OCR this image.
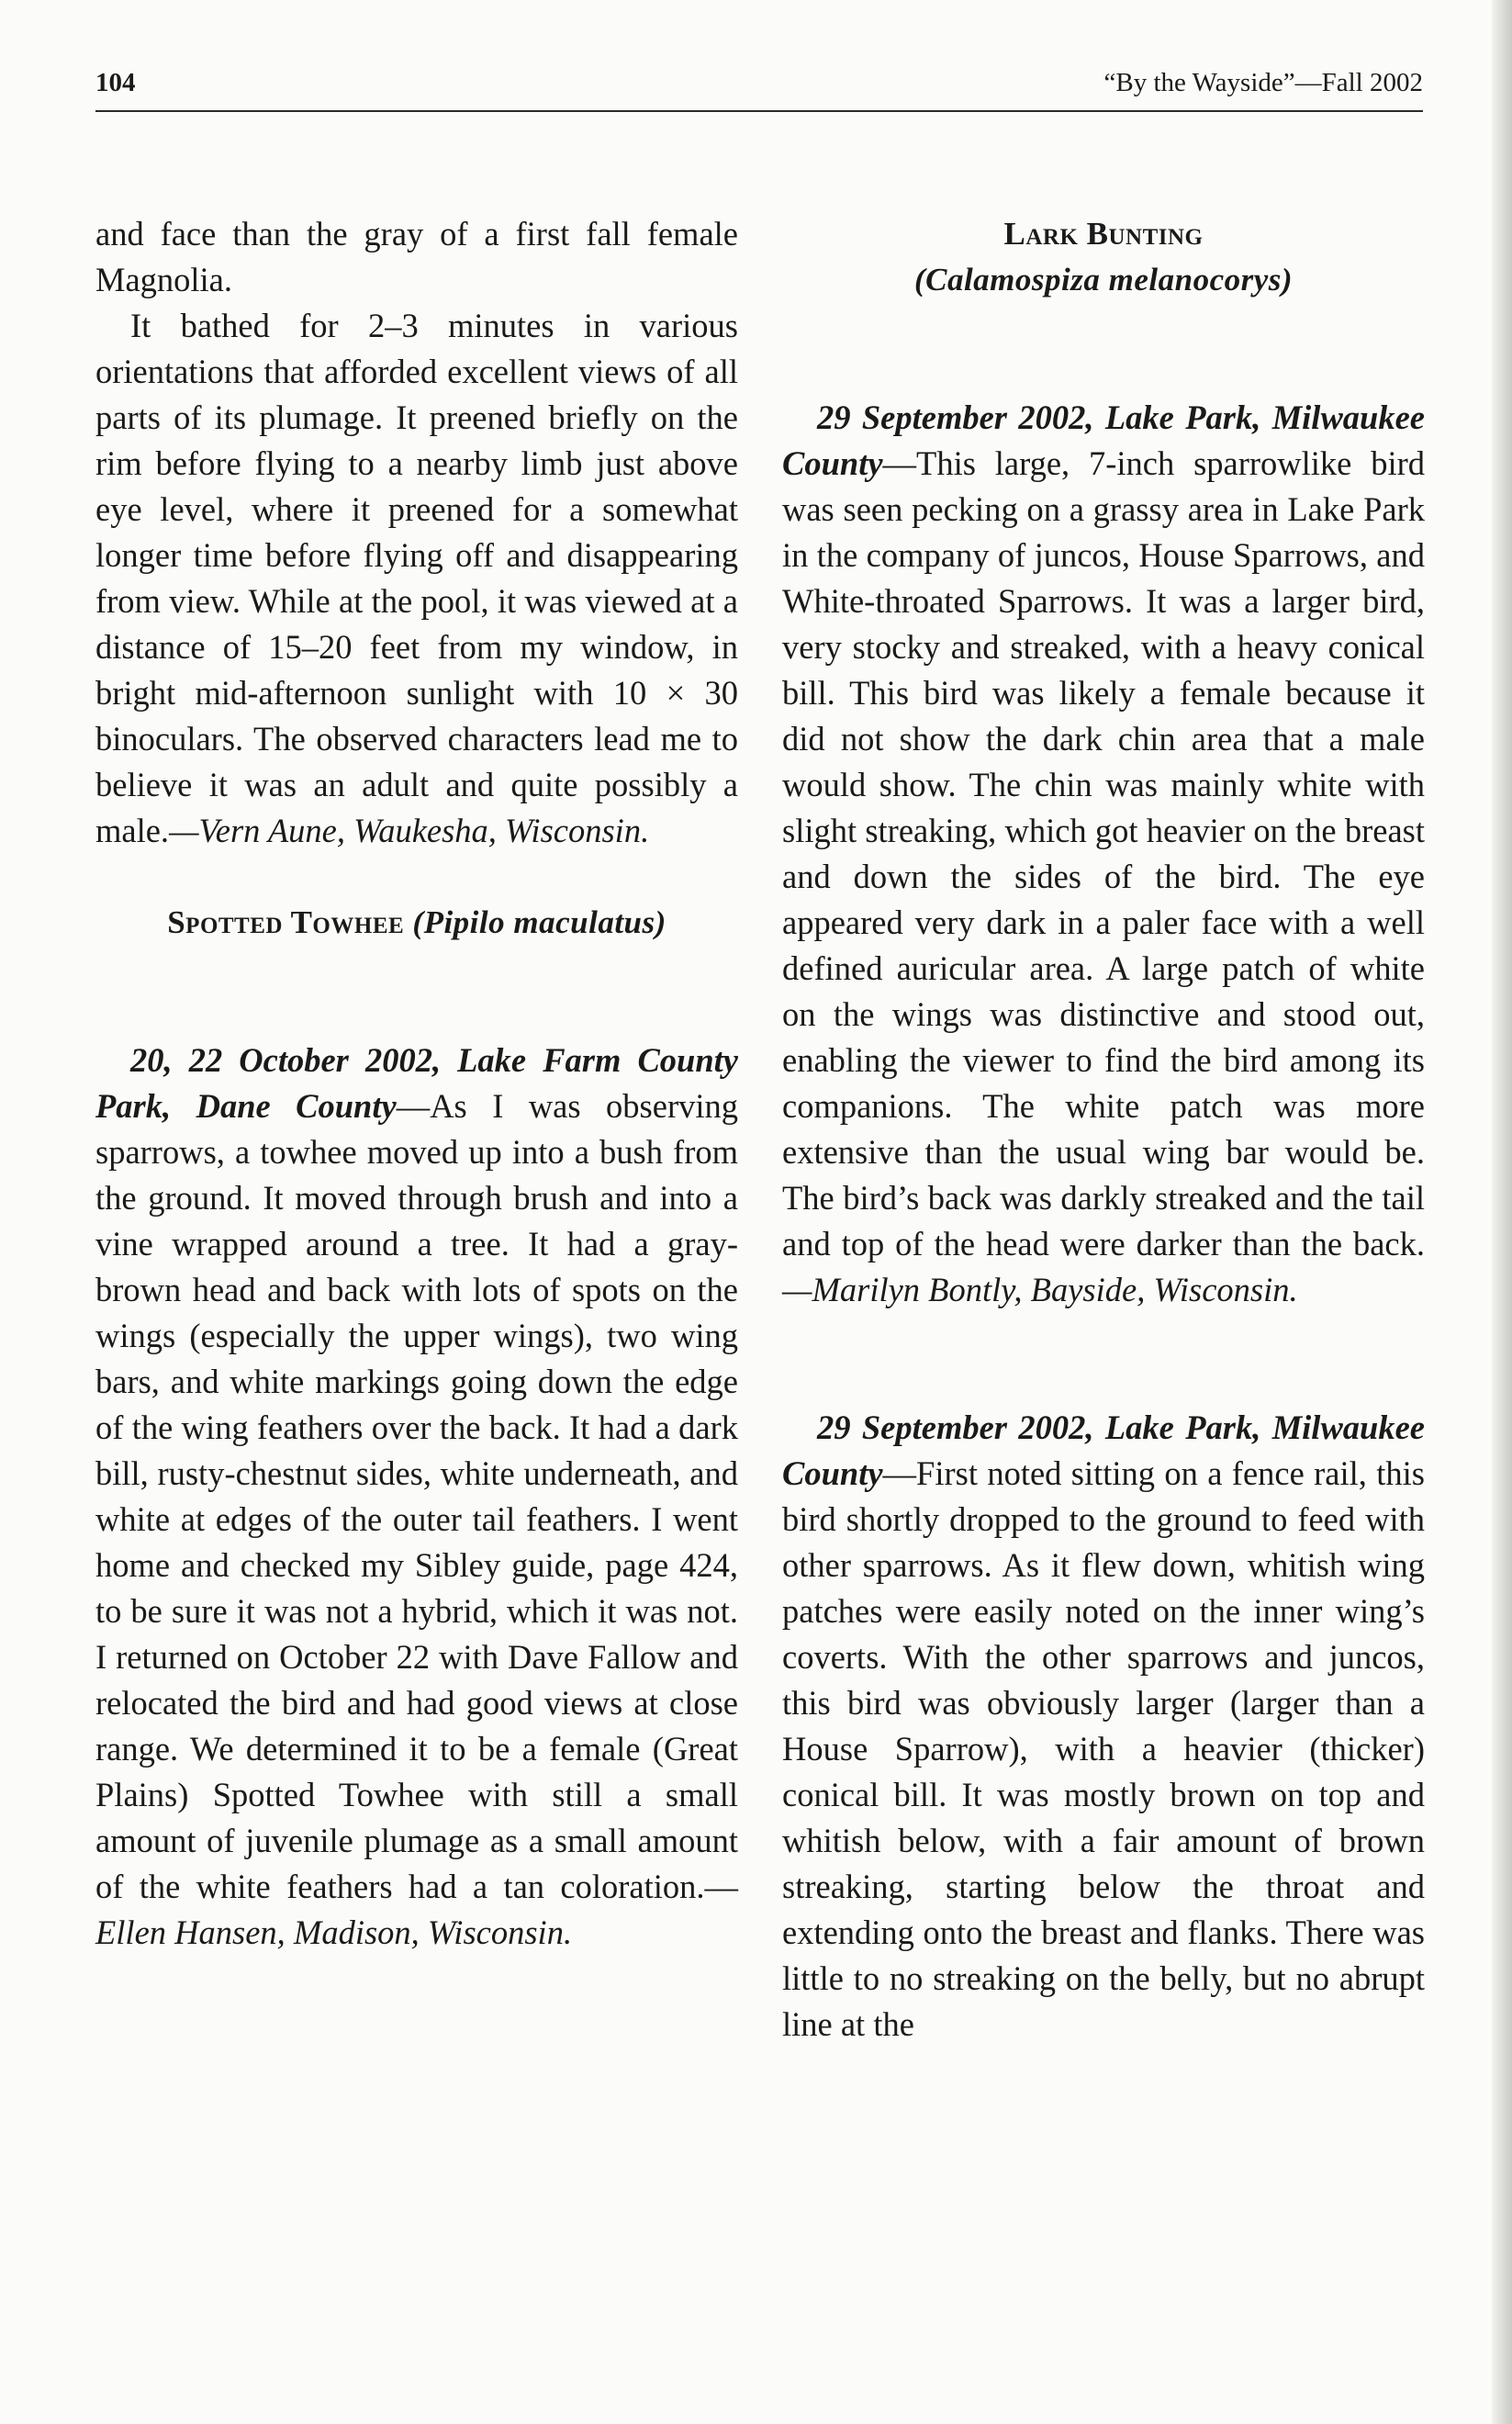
104	“By the Wayside”—Fall 2002

and face than the gray of a first fall female Magnolia.

It bathed for 2–3 minutes in various orientations that afforded excellent views of all parts of its plumage. It preened briefly on the rim before flying to a nearby limb just above eye level, where it preened for a somewhat longer time before flying off and disappearing from view. While at the pool, it was viewed at a distance of 15–20 feet from my window, in bright mid-afternoon sunlight with 10 × 30 binoculars. The observed characters lead me to believe it was an adult and quite possibly a male.—Vern Aune, Waukesha, Wisconsin.

Spotted Towhee (Pipilo maculatus)

20, 22 October 2002, Lake Farm County Park, Dane County—As I was observing sparrows, a towhee moved up into a bush from the ground. It moved through brush and into a vine wrapped around a tree. It had a gray-brown head and back with lots of spots on the wings (especially the upper wings), two wing bars, and white markings going down the edge of the wing feathers over the back. It had a dark bill, rusty-chestnut sides, white underneath, and white at edges of the outer tail feathers. I went home and checked my Sibley guide, page 424, to be sure it was not a hybrid, which it was not. I returned on October 22 with Dave Fallow and relocated the bird and had good views at close range. We determined it to be a female (Great Plains) Spotted Towhee with still a small amount of juvenile plumage as a small amount of the white feathers had a tan coloration.— Ellen Hansen, Madison, Wisconsin.

Lark Bunting

(Calamospiza melanocorys)

29 September 2002, Lake Park, Milwaukee County—This large, 7-inch sparrowlike bird was seen pecking on a grassy area in Lake Park in the company of juncos, House Sparrows, and White-throated Sparrows. It was a larger bird, very stocky and streaked, with a heavy conical bill. This bird was likely a female because it did not show the dark chin area that a male would show. The chin was mainly white with slight streaking, which got heavier on the breast and down the sides of the bird. The eye appeared very dark in a paler face with a well defined auricular area. A large patch of white on the wings was distinctive and stood out, enabling the viewer to find the bird among its companions. The white patch was more extensive than the usual wing bar would be. The bird’s back was darkly streaked and the tail and top of the head were darker than the back.—Marilyn Bontly, Bayside, Wisconsin.

29 September 2002, Lake Park, Milwaukee County—First noted sitting on a fence rail, this bird shortly dropped to the ground to feed with other sparrows. As it flew down, whitish wing patches were easily noted on the inner wing’s coverts. With the other sparrows and juncos, this bird was obviously larger (larger than a House Sparrow), with a heavier (thicker) conical bill. It was mostly brown on top and whitish below, with a fair amount of brown streaking, starting below the throat and extending onto the breast and flanks. There was little to no streaking on the belly, but no abrupt line at the
